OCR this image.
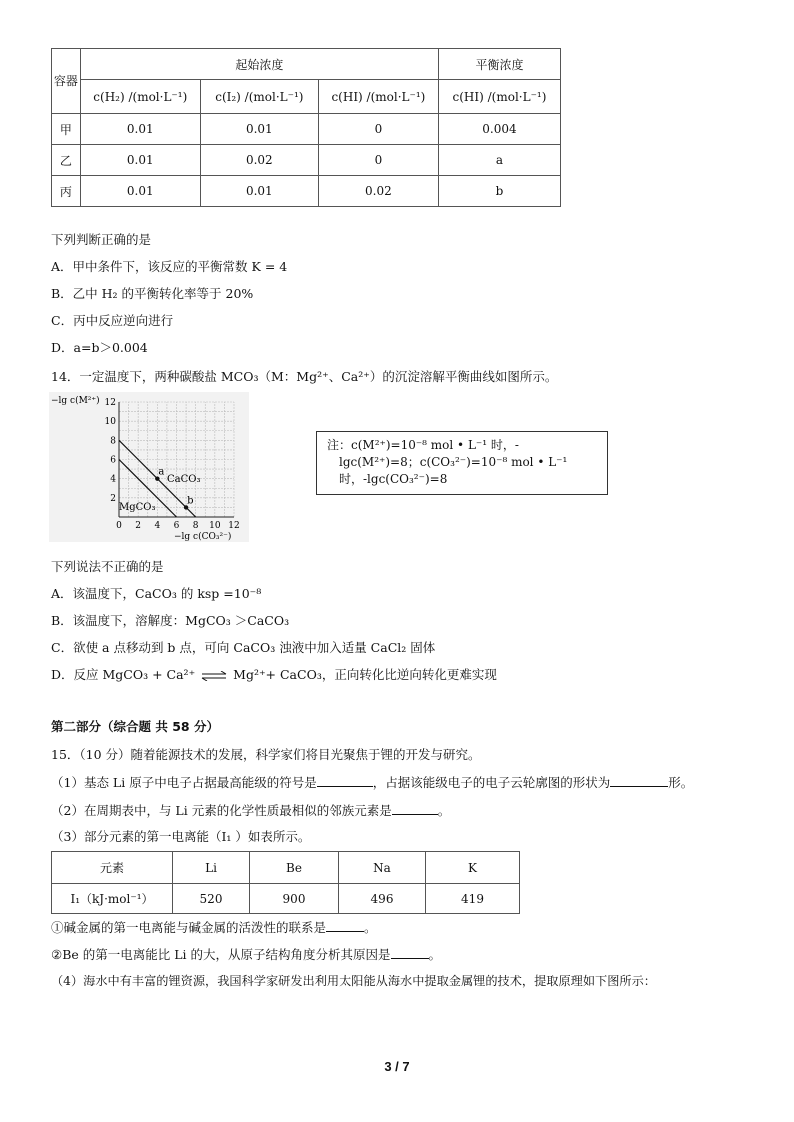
容器	起始浓度			平衡浓度
	c(H₂) /(mol·L⁻¹)	c(I₂) /(mol·L⁻¹)	c(HI) /(mol·L⁻¹)	c(HI) /(mol·L⁻¹)
甲	0.01	0.01	0	0.004
乙	0.01	0.02	0	a
丙	0.01	0.01	0.02	b
下列判断正确的是
A．甲中条件下，该反应的平衡常数 K = 4
B．乙中 H₂ 的平衡转化率等于 20%
C．丙中反应逆向进行
D．a=b＞0.004
14．一定温度下，两种碳酸盐 MCO₃（M：Mg²⁺、Ca²⁺）的沉淀溶解平衡曲线如图所示。
a
b
0 2 4 6 8 10 12
2
4
6
8
10
12
−lg c(M²⁺)
−lg c(CO₃²⁻)
CaCO₃
MgCO₃
注：c(M²⁺)=10⁻⁸ mol • L⁻¹ 时，-
lgc(M²⁺)=8；c(CO₃²⁻)=10⁻⁸ mol • L⁻¹
时，-lgc(CO₃²⁻)=8
下列说法不正确的是
A．该温度下，CaCO₃ 的 ksp =10⁻⁸
B．该温度下，溶解度：MgCO₃ ＞CaCO₃
C．欲使 a 点移动到 b 点，可向 CaCO₃ 浊液中加入适量 CaCl₂ 固体
D．反应 MgCO₃ + Ca²⁺ ⇌ Mg²⁺+ CaCO₃，正向转化比逆向转化更难实现
第二部分（综合题 共 58 分）
15．（10 分）随着能源技术的发展，科学家们将目光聚焦于锂的开发与研究。
（1）基态 Li 原子中电子占据最高能级的符号是	，占据该能级电子的电子云轮廓图的形状为	形。
（2）在周期表中，与 Li 元素的化学性质最相似的邻族元素是	。
（3）部分元素的第一电离能（I₁ ）如表所示。
元素	Li	Be	Na	K
I₁（kJ·mol⁻¹）	520	900	496	419
①碱金属的第一电离能与碱金属的活泼性的联系是	。
②Be 的第一电离能比 Li 的大，从原子结构角度分析其原因是	。
（4）海水中有丰富的锂资源，我国科学家研发出利用太阳能从海水中提取金属锂的技术，提取原理如下图所示：
3 / 7
